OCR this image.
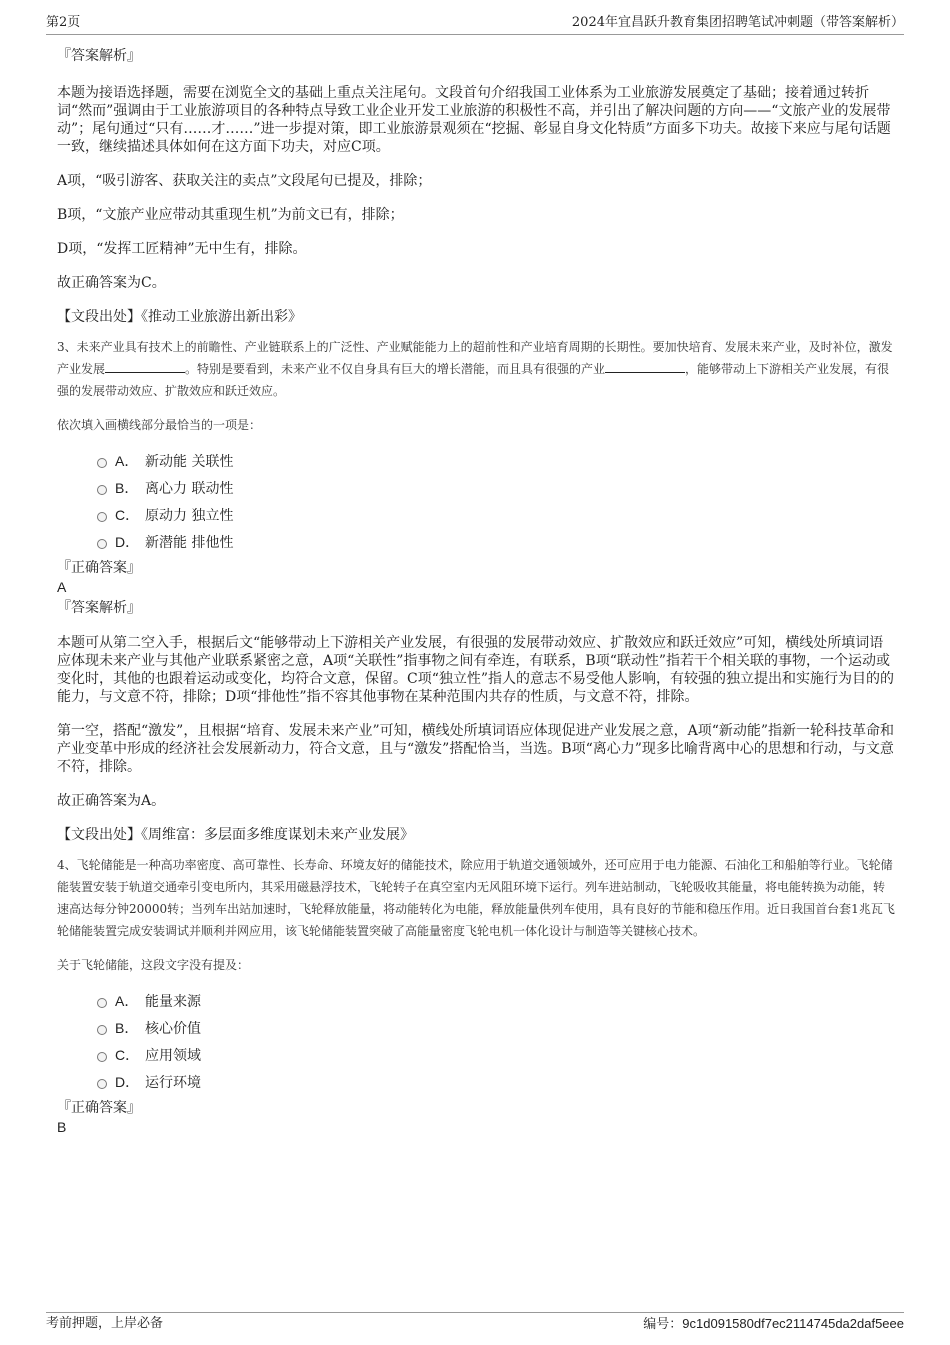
第2页	2024年宜昌跃升教育集团招聘笔试冲刺题（带答案解析）

『答案解析』

本题为接语选择题，需要在浏览全文的基础上重点关注尾句。文段首句介绍我国工业体系为工业旅游发展奠定了基础；接着通过转折词“然而”强调由于工业旅游项目的各种特点导致工业企业开发工业旅游的积极性不高，并引出了解决问题的方向——“文旅产业的发展带动”；尾句通过“只有……才……”进一步提对策，即工业旅游景观须在“挖掘、彰显自身文化特质”方面多下功夫。故接下来应与尾句话题一致，继续描述具体如何在这方面下功夫，对应C项。

A项，“吸引游客、获取关注的卖点”文段尾句已提及，排除；

B项，“文旅产业应带动其重现生机”为前文已有，排除；

D项，“发挥工匠精神”无中生有，排除。

故正确答案为C。

【文段出处】《推动工业旅游出新出彩》

3、未来产业具有技术上的前瞻性、产业链联系上的广泛性、产业赋能能力上的超前性和产业培育周期的长期性。要加快培育、发展未来产业，及时补位，激发产业发展	。特别是要看到，未来产业不仅自身具有巨大的增长潜能，而且具有很强的产业	，能够带动上下游相关产业发展，有很强的发展带动效应、扩散效应和跃迁效应。

依次填入画横线部分最恰当的一项是：

A． 新动能 关联性
B． 离心力 联动性
C． 原动力 独立性
D． 新潜能 排他性

『正确答案』

A

『答案解析』

本题可从第二空入手，根据后文“能够带动上下游相关产业发展，有很强的发展带动效应、扩散效应和跃迁效应”可知，横线处所填词语应体现未来产业与其他产业联系紧密之意，A项“关联性”指事物之间有牵连，有联系，B项“联动性”指若干个相关联的事物，一个运动或变化时，其他的也跟着运动或变化，均符合文意，保留。C项“独立性”指人的意志不易受他人影响，有较强的独立提出和实施行为目的的能力，与文意不符，排除；D项“排他性”指不容其他事物在某种范围内共存的性质，与文意不符，排除。

第一空，搭配“激发”，且根据“培育、发展未来产业”可知，横线处所填词语应体现促进产业发展之意，A项“新动能”指新一轮科技革命和产业变革中形成的经济社会发展新动力，符合文意，且与“激发”搭配恰当，当选。B项“离心力”现多比喻背离中心的思想和行动，与文意不符，排除。

故正确答案为A。

【文段出处】《周维富：多层面多维度谋划未来产业发展》

4、飞轮储能是一种高功率密度、高可靠性、长寿命、环境友好的储能技术，除应用于轨道交通领域外，还可应用于电力能源、石油化工和船舶等行业。飞轮储能装置安装于轨道交通牵引变电所内，其采用磁悬浮技术，飞轮转子在真空室内无风阻环境下运行。列车进站制动，飞轮吸收其能量，将电能转换为动能，转速高达每分钟20000转；当列车出站加速时，飞轮释放能量，将动能转化为电能，释放能量供列车使用，具有良好的节能和稳压作用。近日我国首台套1兆瓦飞轮储能装置完成安装调试并顺利并网应用，该飞轮储能装置突破了高能量密度飞轮电机一体化设计与制造等关键核心技术。

关于飞轮储能，这段文字没有提及：

A． 能量来源
B． 核心价值
C． 应用领域
D． 运行环境

『正确答案』

B

考前押题，上岸必备	编号：9c1d091580df7ec2114745da2daf5eee
